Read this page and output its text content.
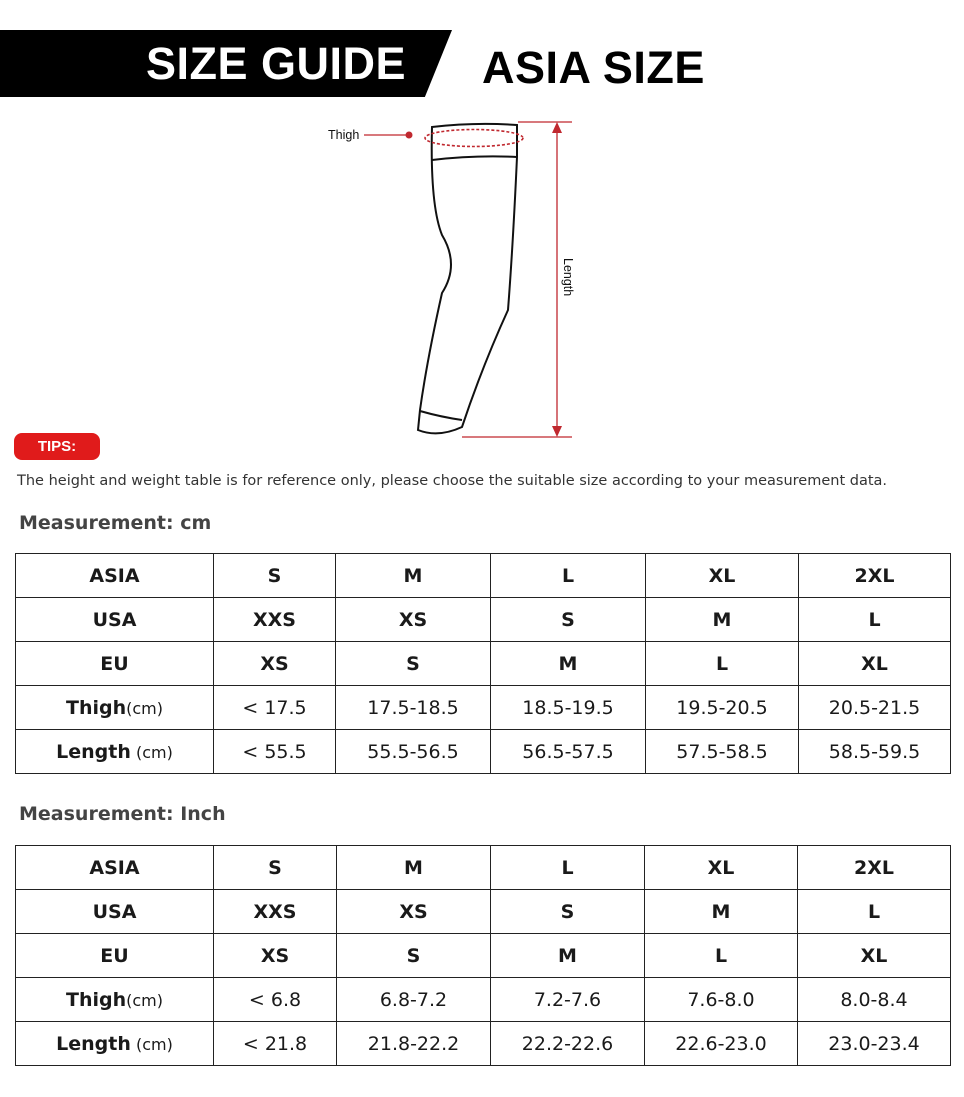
SIZE GUIDE ASIA SIZE
Thigh
Length
TIPS:
The height and weight table is for reference only, please choose the suitable size according to your measurement data.
Measurement: cm
ASIA	S	M	L	XL	2XL
USA	XXS	XS	S	M	L
EU	XS	S	M	L	XL
Thigh(cm)	< 17.5	17.5-18.5	18.5-19.5	19.5-20.5	20.5-21.5
Length (cm)	< 55.5	55.5-56.5	56.5-57.5	57.5-58.5	58.5-59.5
Measurement: Inch
ASIA	S	M	L	XL	2XL
USA	XXS	XS	S	M	L
EU	XS	S	M	L	XL
Thigh(cm)	< 6.8	6.8-7.2	7.2-7.6	7.6-8.0	8.0-8.4
Length (cm)	< 21.8	21.8-22.2	22.2-22.6	22.6-23.0	23.0-23.4
